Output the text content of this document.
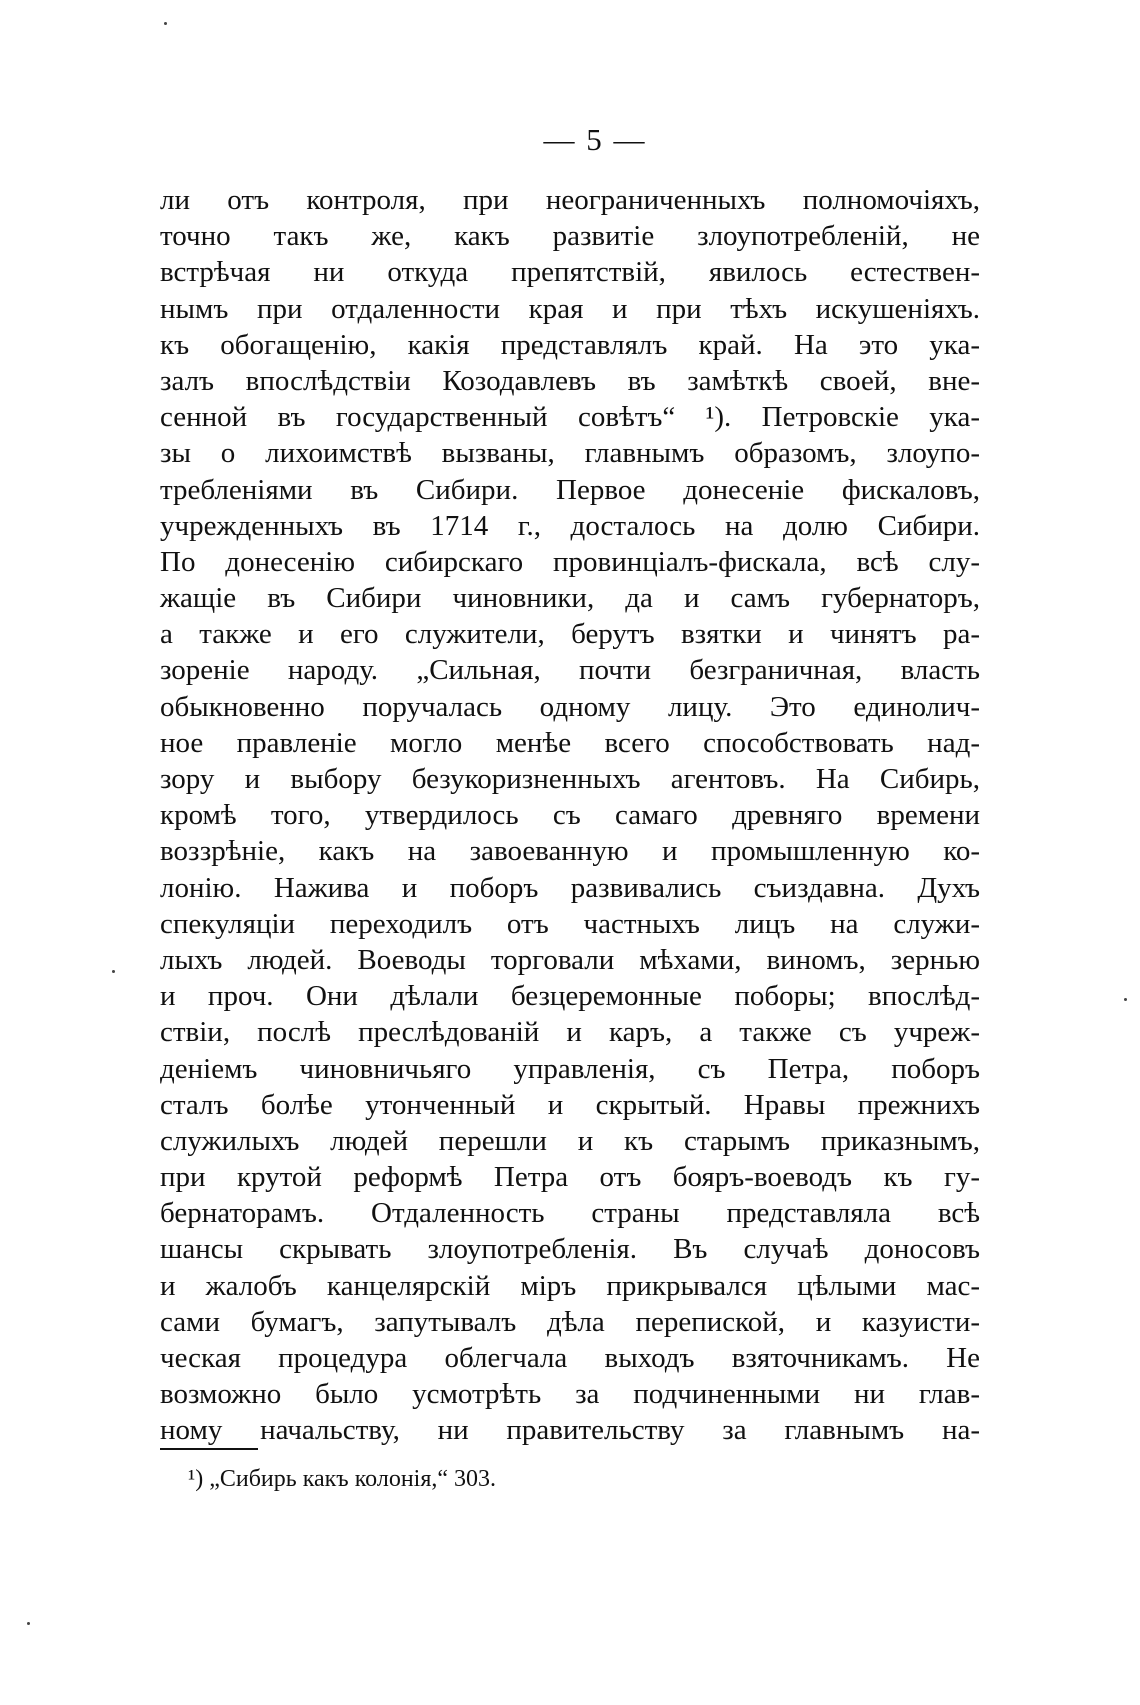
— 5 —
ли отъ контроля, при неограниченныхъ полномочіяхъ,
точно такъ же, какъ развитіе злоупотребленій, не
встрѣчая ни откуда препятствій, явилось естествен-
нымъ при отдаленности края и при тѣхъ искушеніяхъ.
къ обогащенію, какія представлялъ край. На это ука-
залъ впослѣдствіи Козодавлевъ въ замѣткѣ своей, вне-
сенной въ государственный совѣтъ“ ¹). Петровскіе ука-
зы о лихоимствѣ вызваны, главнымъ образомъ, злоупо-
требленіями въ Сибири. Первое донесеніе фискаловъ,
учрежденныхъ въ 1714 г., досталось на долю Сибири.
По донесенію сибирскаго провинціалъ-фискала, всѣ слу-
жащіе въ Сибири чиновники, да и самъ губернаторъ,
а также и его служители, берутъ взятки и чинятъ ра-
зореніе народу. „Сильная, почти безграничная, власть
обыкновенно поручалась одному лицу. Это единолич-
ное правленіе могло менѣе всего способствовать над-
зору и выбору безукоризненныхъ агентовъ. На Сибирь,
кромѣ того, утвердилось съ самаго древняго времени
воззрѣніе, какъ на завоеванную и промышленную ко-
лонію. Нажива и поборъ развивались съиздавна. Духъ
спекуляціи переходилъ отъ частныхъ лицъ на служи-
лыхъ людей. Воеводы торговали мѣхами, виномъ, зернью
и проч. Они дѣлали безцеремонные поборы; впослѣд-
ствіи, послѣ преслѣдованій и каръ, а также съ учреж-
деніемъ чиновничьяго управленія, съ Петра, поборъ
сталъ болѣе утонченный и скрытый. Нравы прежнихъ
служилыхъ людей перешли и къ старымъ приказнымъ,
при крутой реформѣ Петра отъ бояръ-воеводъ къ гу-
бернаторамъ. Отдаленность страны представляла всѣ
шансы скрывать злоупотребленія. Въ случаѣ доносовъ
и жалобъ канцелярскій міръ прикрывался цѣлыми мас-
сами бумагъ, запутывалъ дѣла перепиской, и казуисти-
ческая процедура облегчала выходъ взяточникамъ. Не
возможно было усмотрѣть за подчиненными ни глав-
ному начальству, ни правительству за главнымъ на-
¹) „Сибирь какъ колонія,“ 303.
